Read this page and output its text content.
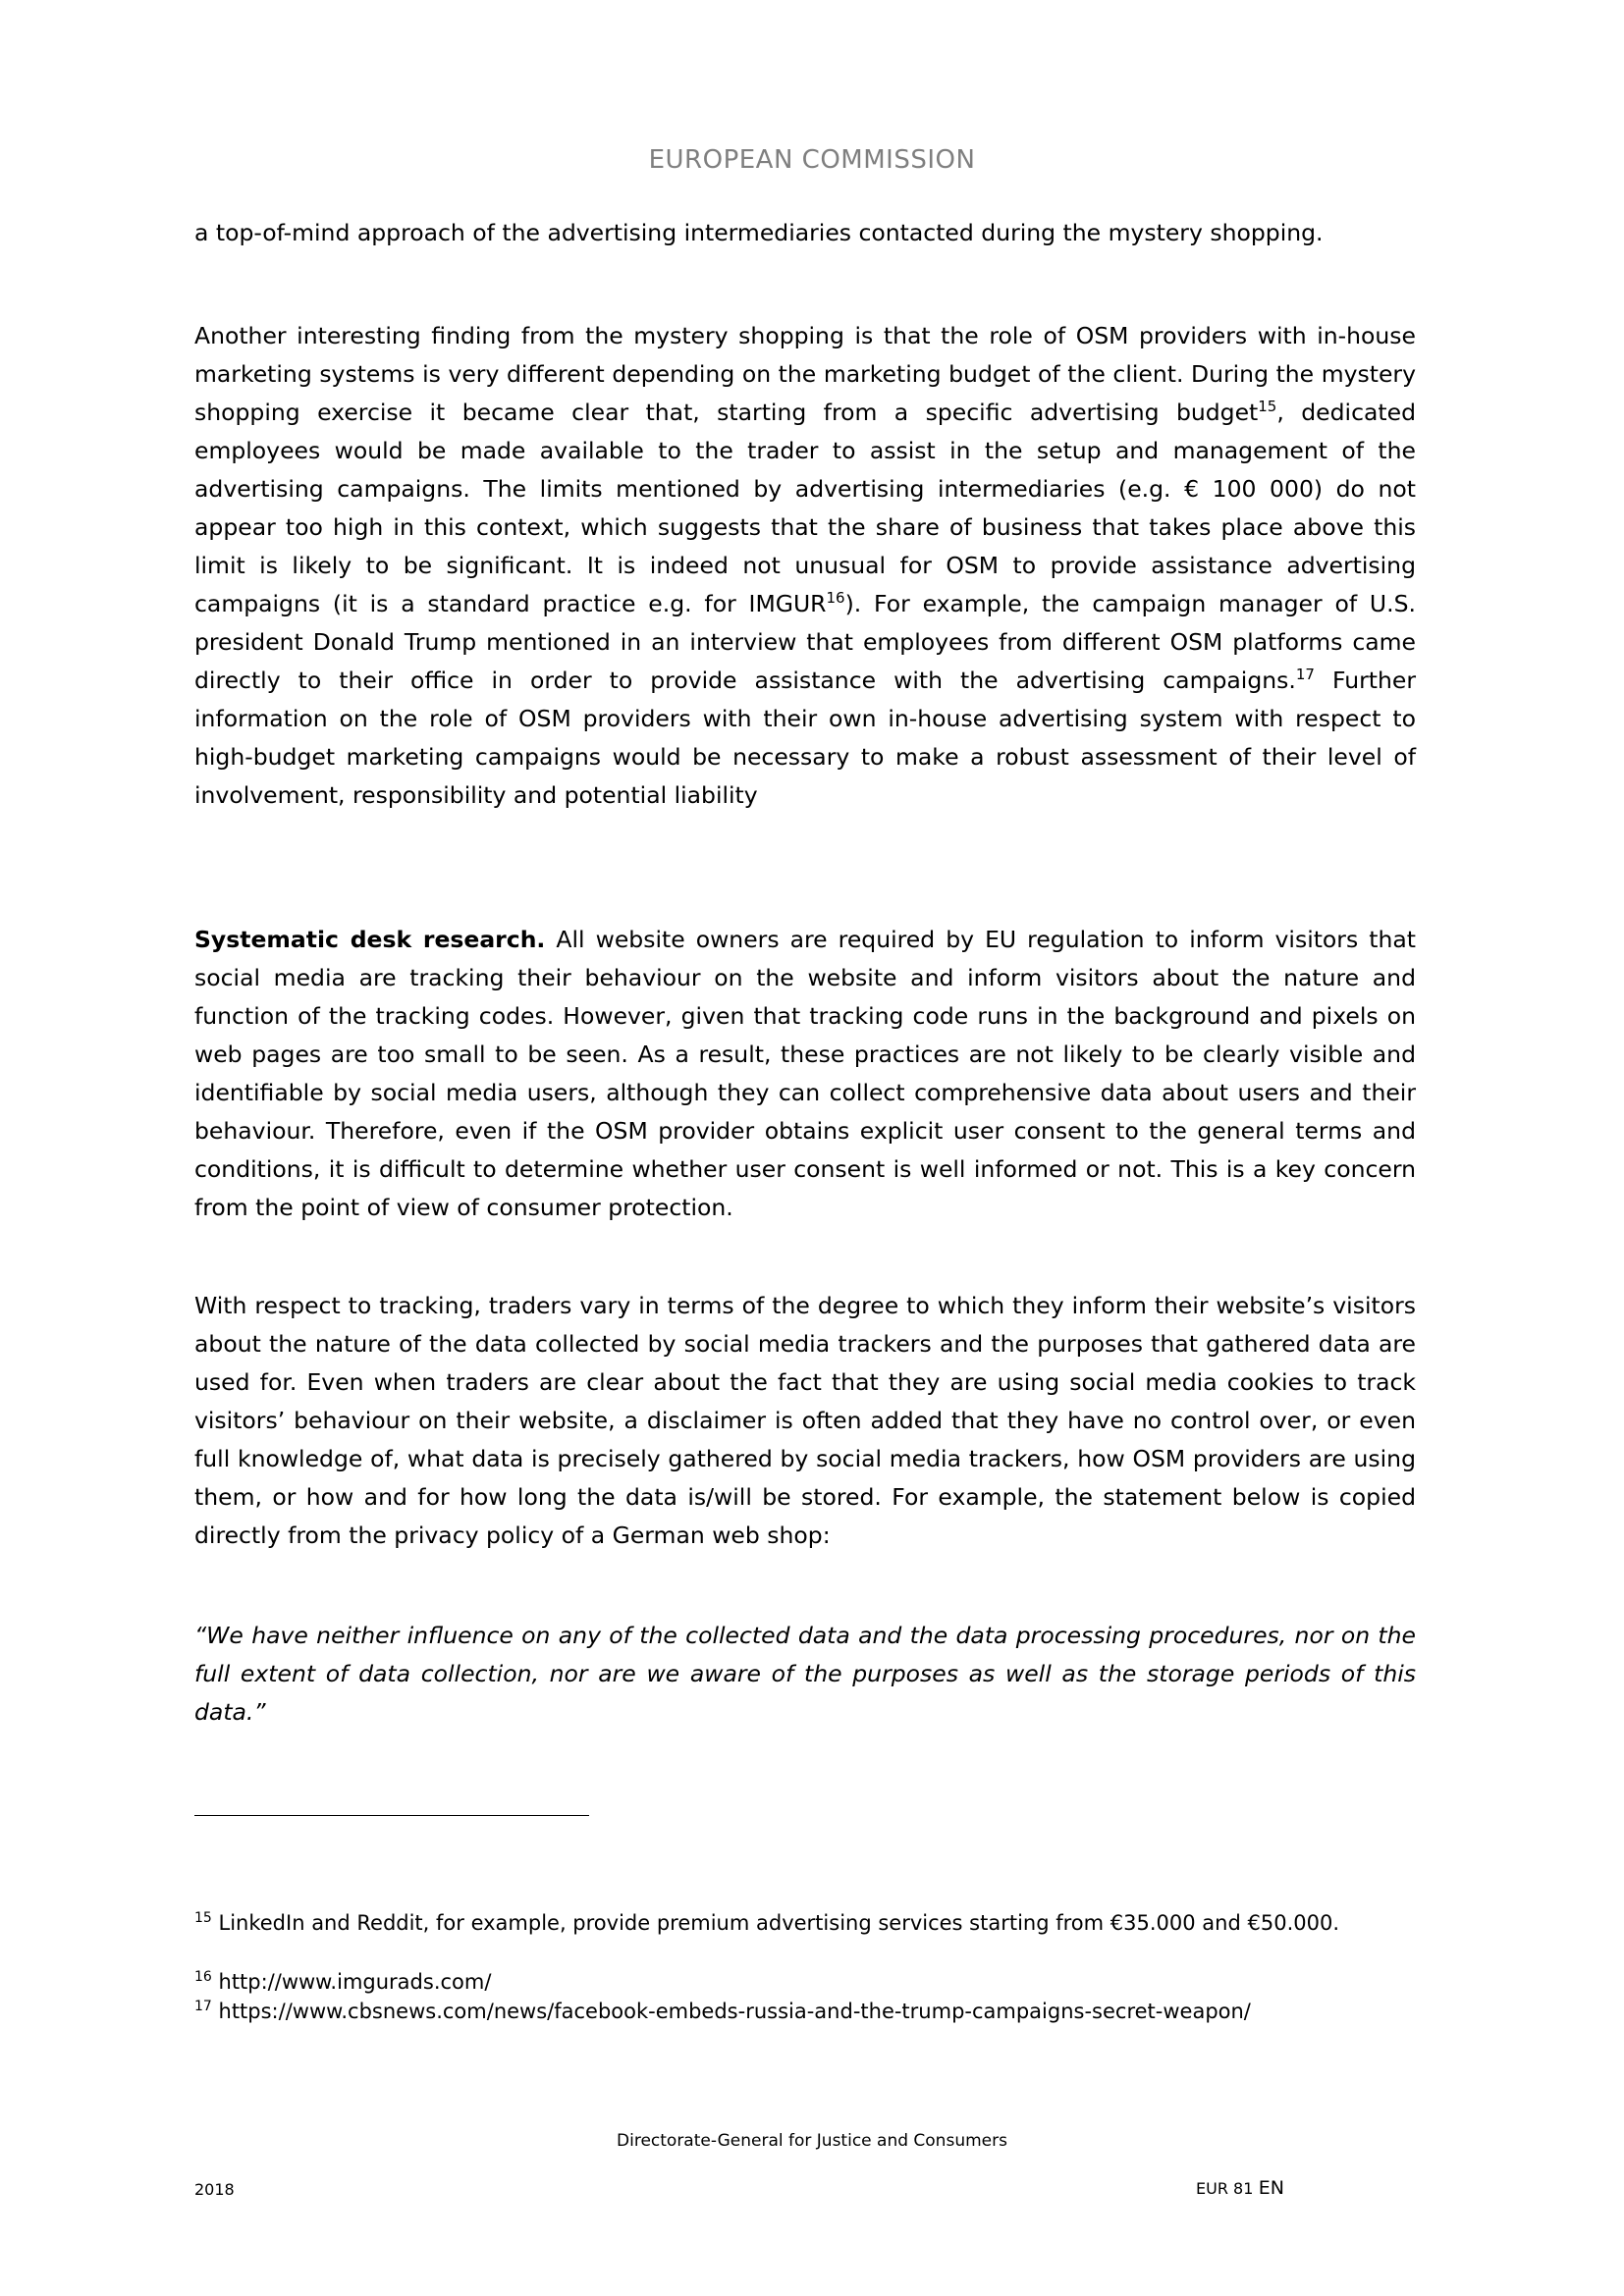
EUROPEAN COMMISSION

a top-of-mind approach of the advertising intermediaries contacted during the mystery shopping.

Another interesting finding from the mystery shopping is that the role of OSM providers with in-house marketing systems is very different depending on the marketing budget of the client. During the mystery shopping exercise it became clear that, starting from a specific advertising budget$^{15}$, dedicated employees would be made available to the trader to assist in the setup and management of the advertising campaigns. The limits mentioned by advertising intermediaries (e.g. € 100 000) do not appear too high in this context, which suggests that the share of business that takes place above this limit is likely to be significant. It is indeed not unusual for OSM to provide assistance advertising campaigns (it is a standard practice e.g. for IMGUR$^{16}$). For example, the campaign manager of U.S. president Donald Trump mentioned in an interview that employees from different OSM platforms came directly to their office in order to provide assistance with the advertising campaigns.$^{17}$ Further information on the role of OSM providers with their own in-house advertising system with respect to high-budget marketing campaigns would be necessary to make a robust assessment of their level of involvement, responsibility and potential liability

Systematic desk research. All website owners are required by EU regulation to inform visitors that social media are tracking their behaviour on the website and inform visitors about the nature and function of the tracking codes. However, given that tracking code runs in the background and pixels on web pages are too small to be seen. As a result, these practices are not likely to be clearly visible and identifiable by social media users, although they can collect comprehensive data about users and their behaviour. Therefore, even if the OSM provider obtains explicit user consent to the general terms and conditions, it is difficult to determine whether user consent is well informed or not. This is a key concern from the point of view of consumer protection.

With respect to tracking, traders vary in terms of the degree to which they inform their website’s visitors about the nature of the data collected by social media trackers and the purposes that gathered data are used for. Even when traders are clear about the fact that they are using social media cookies to track visitors’ behaviour on their website, a disclaimer is often added that they have no control over, or even full knowledge of, what data is precisely gathered by social media trackers, how OSM providers are using them, or how and for how long the data is/will be stored. For example, the statement below is copied directly from the privacy policy of a German web shop:

“We have neither influence on any of the collected data and the data processing procedures, nor on the full extent of data collection, nor are we aware of the purposes as well as the storage periods of this data.”

$^{15}$ LinkedIn and Reddit, for example, provide premium advertising services starting from €35.000 and €50.000.

$^{16}$ http://www.imgurads.com/

$^{17}$ https://www.cbsnews.com/news/facebook-embeds-russia-and-the-trump-campaigns-secret-weapon/

Directorate-General for Justice and Consumers
2018	EUR 81 EN
